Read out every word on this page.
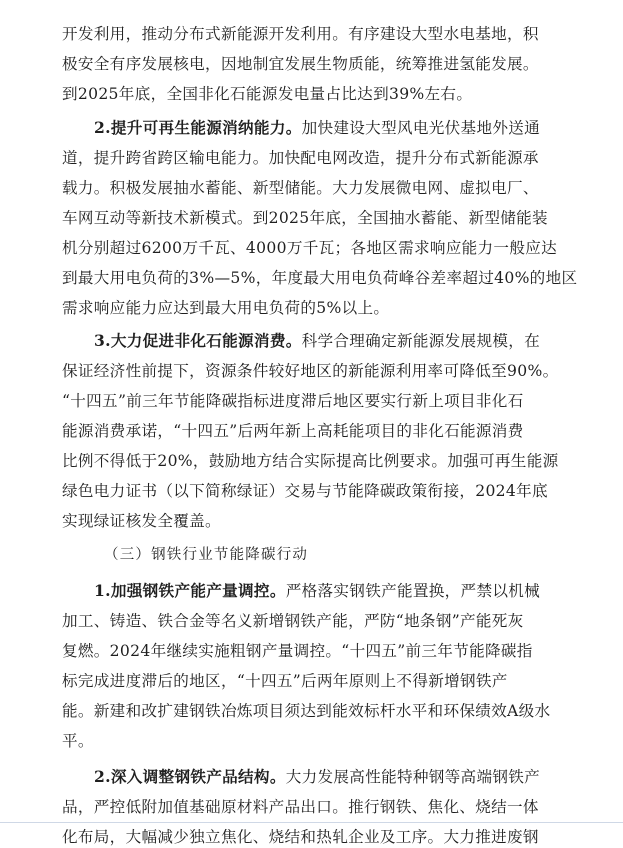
开发利用，推动分布式新能源开发利用。有序建设大型水电基地，积

极安全有序发展核电，因地制宜发展生物质能，统筹推进氢能发展。

到2025年底，全国非化石能源发电量占比达到39%左右。

2.提升可再生能源消纳能力。加快建设大型风电光伏基地外送通

道，提升跨省跨区输电能力。加快配电网改造，提升分布式新能源承

载力。积极发展抽水蓄能、新型储能。大力发展微电网、虚拟电厂、

车网互动等新技术新模式。到2025年底，全国抽水蓄能、新型储能装

机分别超过6200万千瓦、4000万千瓦；各地区需求响应能力一般应达

到最大用电负荷的3%—5%，年度最大用电负荷峰谷差率超过40%的地区

需求响应能力应达到最大用电负荷的5%以上。

3.大力促进非化石能源消费。科学合理确定新能源发展规模，在

保证经济性前提下，资源条件较好地区的新能源利用率可降低至90%。

“十四五”前三年节能降碳指标进度滞后地区要实行新上项目非化石

能源消费承诺，“十四五”后两年新上高耗能项目的非化石能源消费

比例不得低于20%，鼓励地方结合实际提高比例要求。加强可再生能源

绿色电力证书（以下简称绿证）交易与节能降碳政策衔接，2024年底

实现绿证核发全覆盖。

（三）钢铁行业节能降碳行动

1.加强钢铁产能产量调控。严格落实钢铁产能置换，严禁以机械

加工、铸造、铁合金等名义新增钢铁产能，严防“地条钢”产能死灰

复燃。2024年继续实施粗钢产量调控。“十四五”前三年节能降碳指

标完成进度滞后的地区，“十四五”后两年原则上不得新增钢铁产

能。新建和改扩建钢铁冶炼项目须达到能效标杆水平和环保绩效A级水

平。

2.深入调整钢铁产品结构。大力发展高性能特种钢等高端钢铁产

品，严控低附加值基础原材料产品出口。推行钢铁、焦化、烧结一体

化布局，大幅减少独立焦化、烧结和热轧企业及工序。大力推进废钢
